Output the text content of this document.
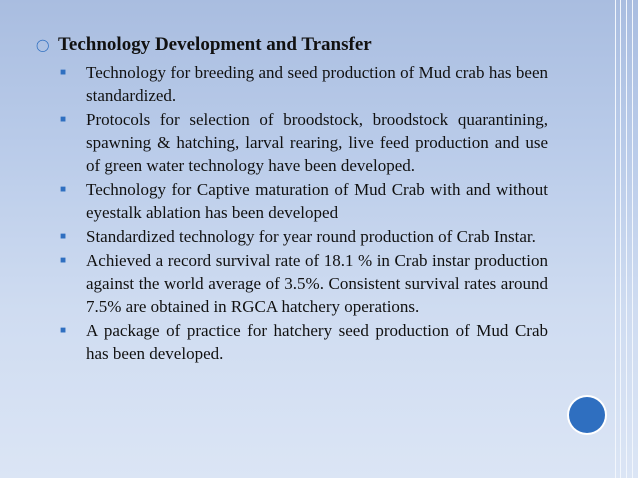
◯ Technology Development and Transfer
■	Technology for breeding and seed production of Mud crab has been standardized.
■	Protocols for selection of broodstock, broodstock quarantining, spawning & hatching, larval rearing, live feed production and use of green water technology have been developed.
■	Technology for Captive maturation of Mud Crab with and without eyestalk ablation has been developed
■	Standardized technology for year round production of Crab Instar.
■	Achieved a record survival rate of 18.1 % in Crab instar production against the world average of 3.5%. Consistent survival rates around 7.5% are obtained in RGCA hatchery operations.
■	A package of practice for hatchery seed production of Mud Crab has been developed.
